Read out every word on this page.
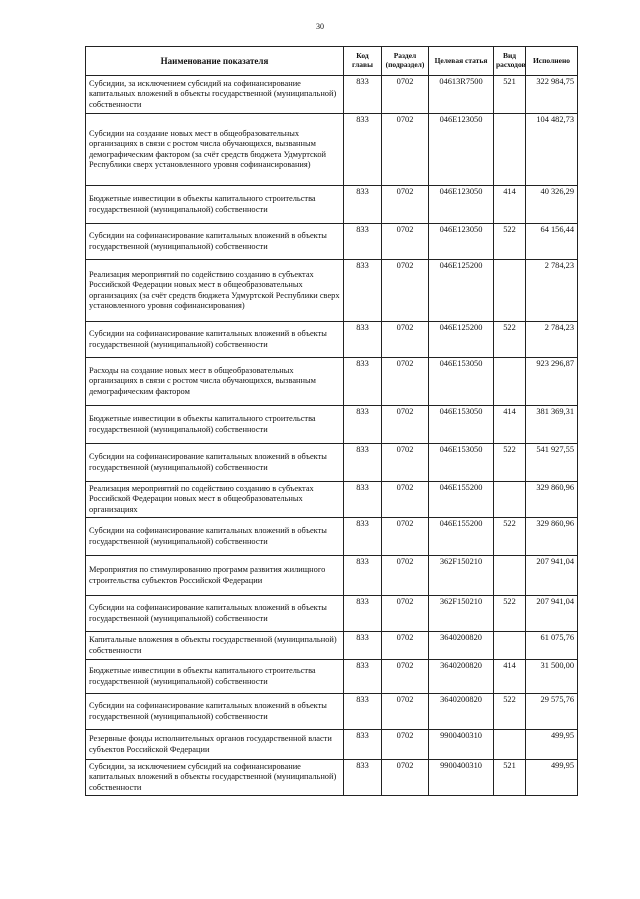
30
Наименование показателя	Код главы	Раздел (подраздел)	Целевая статья	Вид расходов	Исполнено
Субсидии, за исключением субсидий на софинансирование капитальных вложений в объекты государственной (муниципальной) собственности	833	0702	04613R7500	521	322 984,75
Субсидии на создание новых мест в общеобразовательных организациях в связи с ростом числа обучающихся, вызванным демографическим фактором (за счёт средств бюджета Удмуртской Республики сверх установленного уровня софинансирования)	833	0702	046E123050		104 482,73
Бюджетные инвестиции в объекты капитального строительства государственной (муниципальной) собственности	833	0702	046E123050	414	40 326,29
Субсидии на софинансирование капитальных вложений в объекты государственной (муниципальной) собственности	833	0702	046E123050	522	64 156,44
Реализация мероприятий по содействию созданию в субъектах Российской Федерации новых мест в общеобразовательных организациях (за счёт средств бюджета Удмуртской Республики сверх установленного уровня софинансирования)	833	0702	046E125200		2 784,23
Субсидии на софинансирование капитальных вложений в объекты государственной (муниципальной) собственности	833	0702	046E125200	522	2 784,23
Расходы на создание новых мест в общеобразовательных организациях в связи с ростом числа обучающихся, вызванным демографическим фактором	833	0702	046E153050		923 296,87
Бюджетные инвестиции в объекты капитального строительства государственной (муниципальной) собственности	833	0702	046E153050	414	381 369,31
Субсидии на софинансирование капитальных вложений в объекты государственной (муниципальной) собственности	833	0702	046E153050	522	541 927,55
Реализация мероприятий по содействию созданию в субъектах Российской Федерации новых мест в общеобразовательных организациях	833	0702	046E155200		329 860,96
Субсидии на софинансирование капитальных вложений в объекты государственной (муниципальной) собственности	833	0702	046E155200	522	329 860,96
Мероприятия по стимулированию программ развития жилищного строительства субъектов Российской Федерации	833	0702	362F150210		207 941,04
Субсидии на софинансирование капитальных вложений в объекты государственной (муниципальной) собственности	833	0702	362F150210	522	207 941,04
Капитальные вложения в объекты государственной (муниципальной) собственности	833	0702	3640200820		61 075,76
Бюджетные инвестиции в объекты капитального строительства государственной (муниципальной) собственности	833	0702	3640200820	414	31 500,00
Субсидии на софинансирование капитальных вложений в объекты государственной (муниципальной) собственности	833	0702	3640200820	522	29 575,76
Резервные фонды исполнительных органов государственной власти субъектов Российской Федерации	833	0702	9900400310		499,95
Субсидии, за исключением субсидий на софинансирование капитальных вложений в объекты государственной (муниципальной) собственности	833	0702	9900400310	521	499,95
